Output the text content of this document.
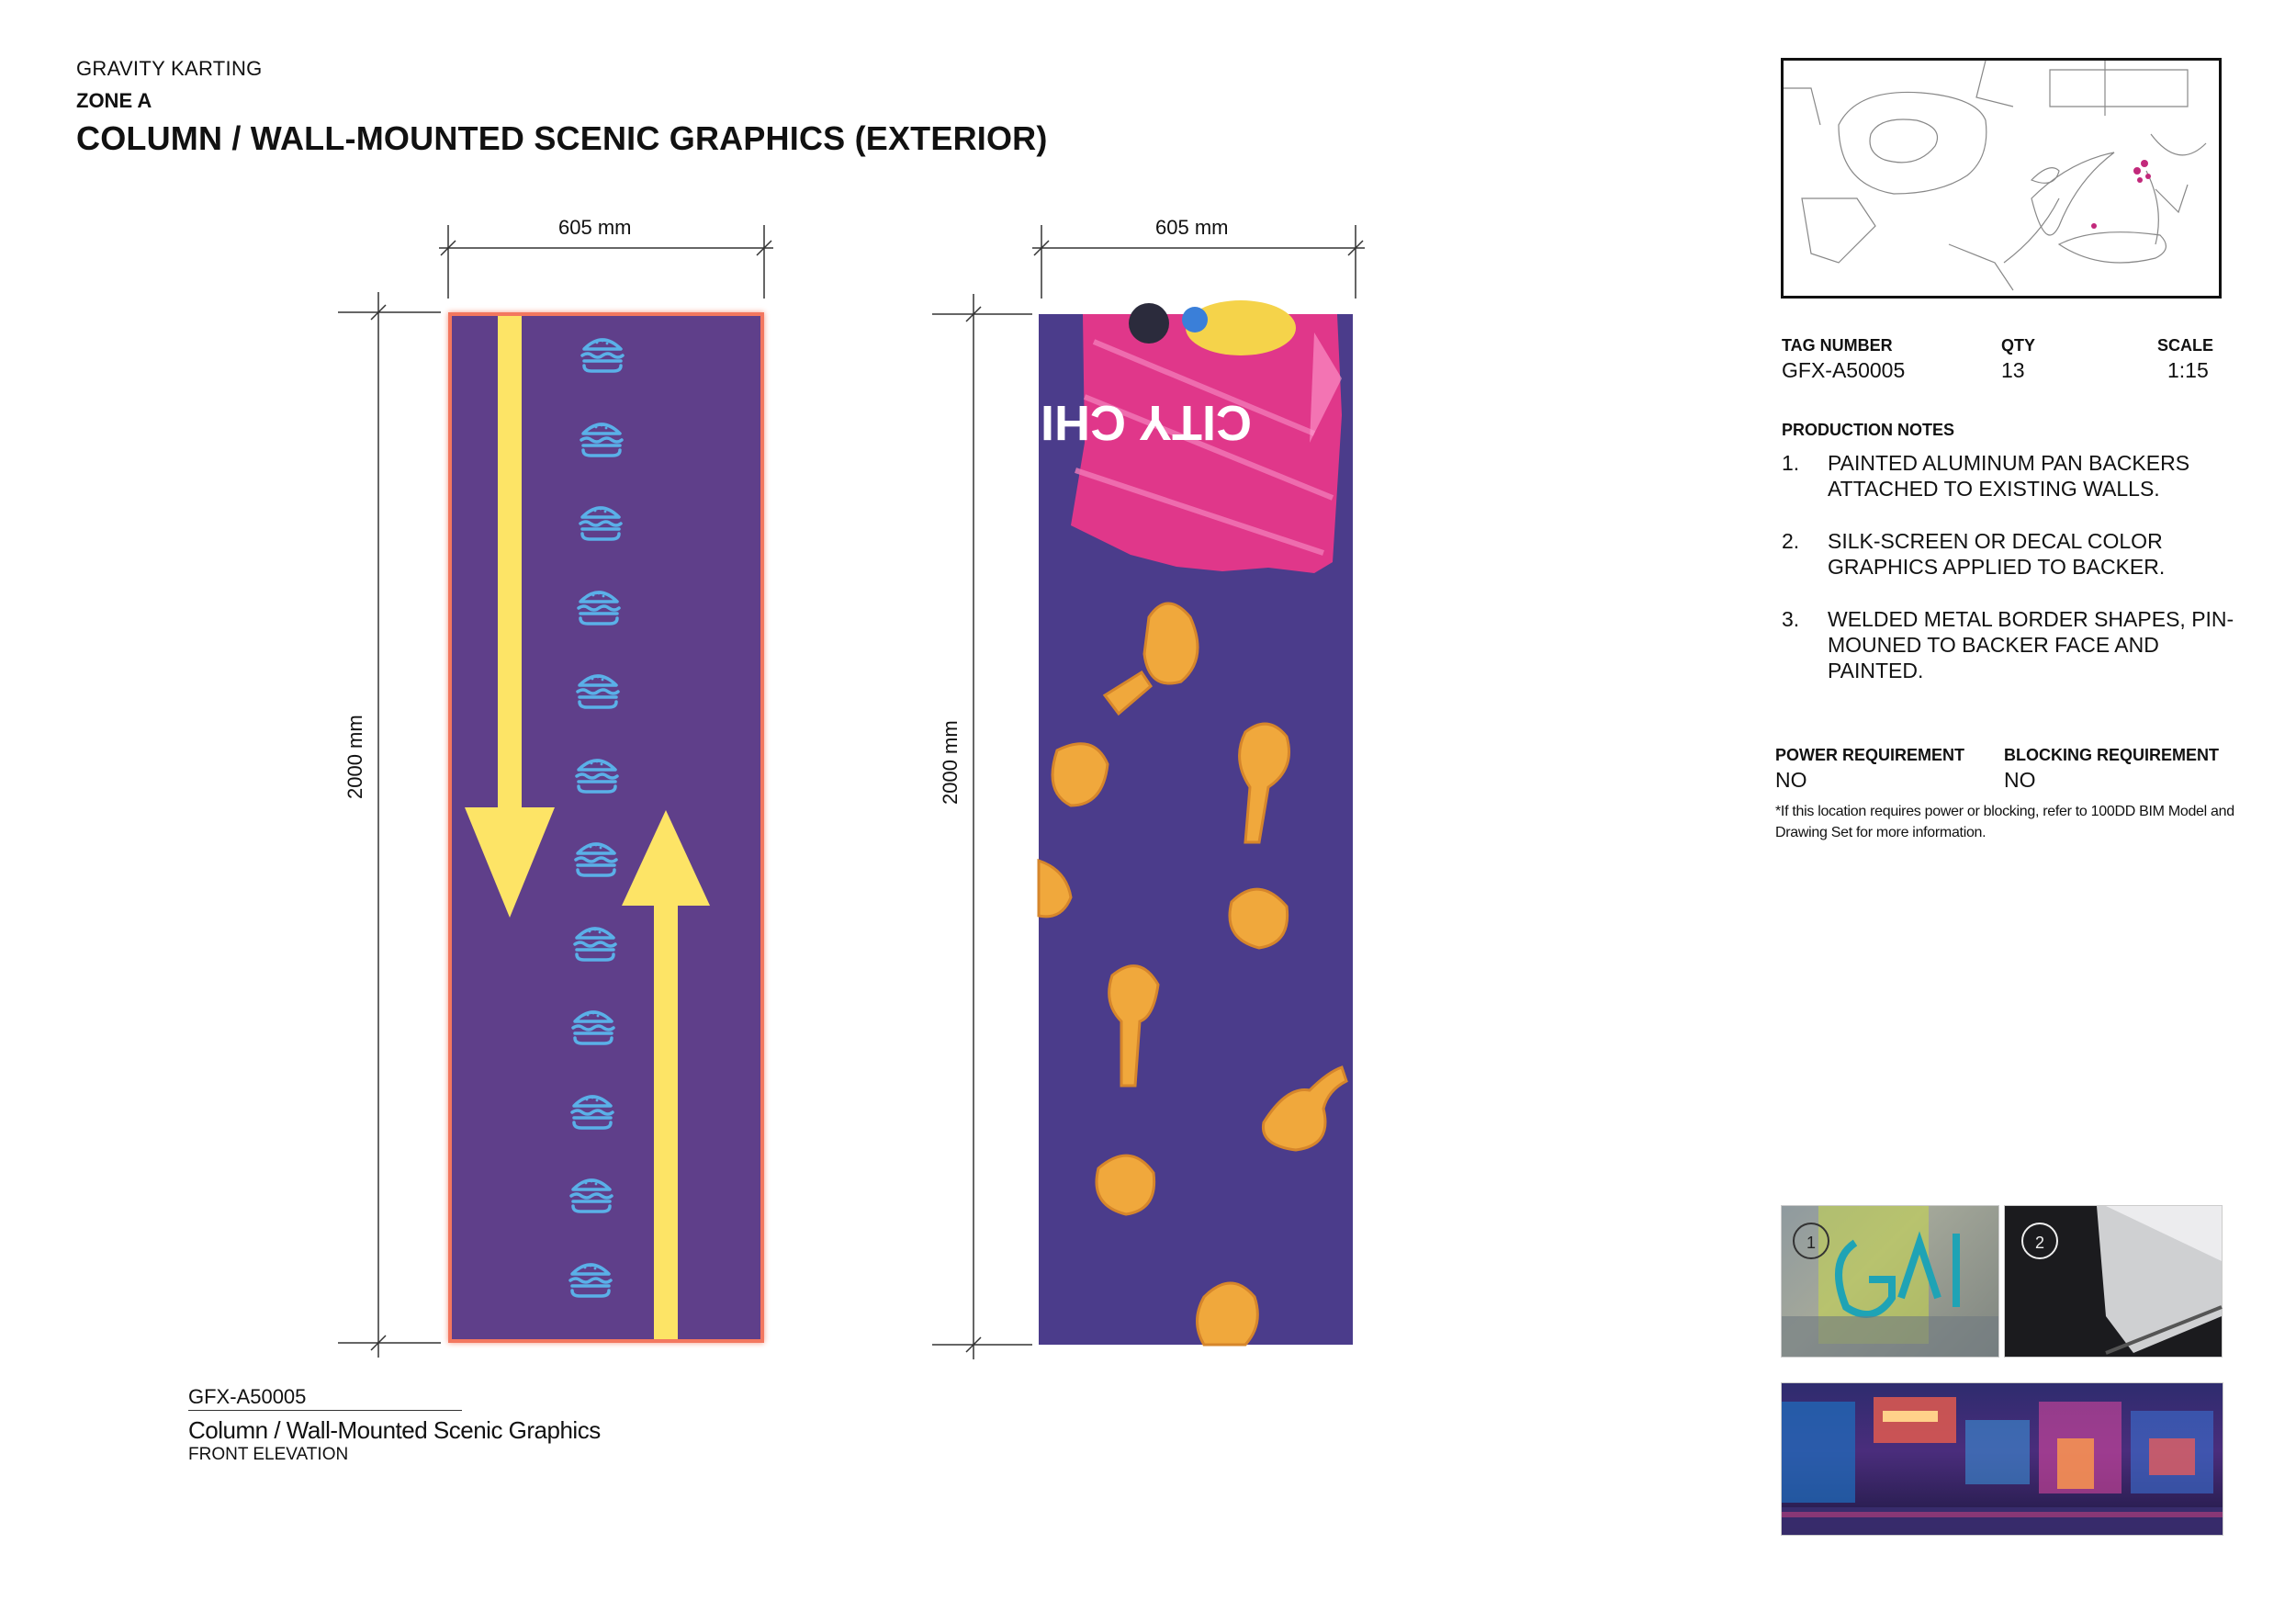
GRAVITY KARTING
ZONE A
COLUMN / WALL-MOUNTED SCENIC GRAPHICS (EXTERIOR)
605 mm
2000 mm
605 mm
2000 mm
CITY CHIPS
GFX-A50005
Column / Wall-Mounted Scenic Graphics
FRONT ELEVATION
TAG NUMBER
GFX-A50005
QTY
13
SCALE
1:15
PRODUCTION NOTES
1. PAINTED ALUMINUM PAN BACKERS ATTACHED TO EXISTING WALLS.
2. SILK-SCREEN OR DECAL COLOR GRAPHICS APPLIED TO BACKER.
3. WELDED METAL BORDER SHAPES, PIN-MOUNED TO BACKER FACE AND PAINTED.
POWER REQUIREMENT
NO
BLOCKING REQUIREMENT
NO
*If this location requires power or blocking, refer to 100DD BIM Model and Drawing Set for more information.
1	2
